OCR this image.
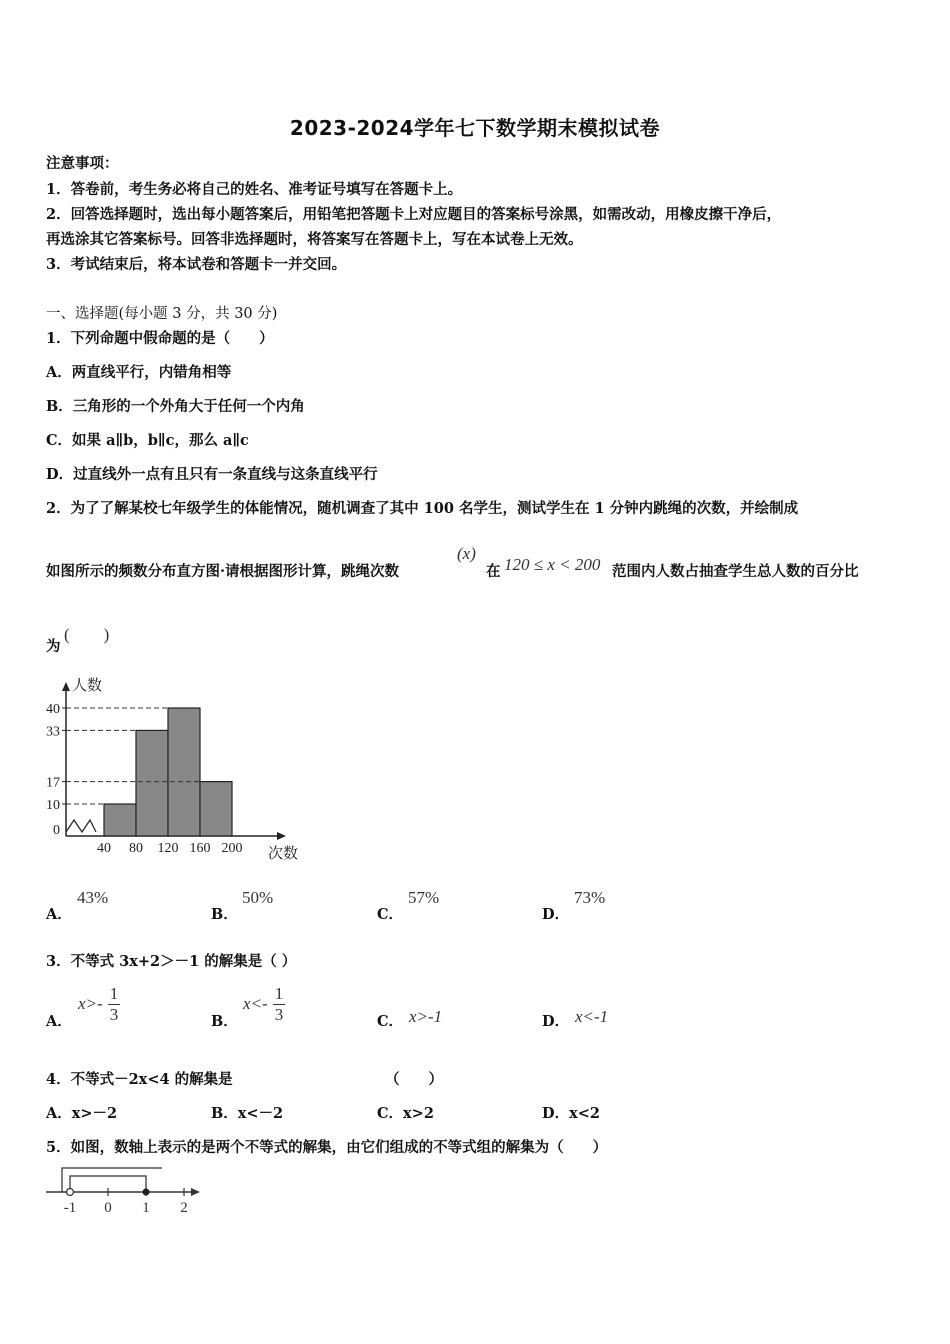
2023-2024学年七下数学期末模拟试卷
注意事项：
1．答卷前，考生务必将自己的姓名、准考证号填写在答题卡上。
2．回答选择题时，选出每小题答案后，用铅笔把答题卡上对应题目的答案标号涂黑，如需改动，用橡皮擦干净后，
再选涂其它答案标号。回答非选择题时，将答案写在答题卡上，写在本试卷上无效。
3．考试结束后，将本试卷和答题卡一并交回。
一、选择题(每小题 3 分，共 30 分)
1．下列命题中假命题的是（　　）
A．两直线平行，内错角相等
B．三角形的一个外角大于任何一个内角
C．如果 a∥b，b∥c，那么 a∥c
D．过直线外一点有且只有一条直线与这条直线平行
2．为了了解某校七年级学生的体能情况，随机调查了其中 100 名学生，测试学生在 1 分钟内跳绳的次数，并绘制成
如图所示的频数分布直方图·请根据图形计算，跳绳次数
(x)
在 120 ≤ x < 200 范围内人数占抽查学生总人数的百分比
为
(　　)
0
10
17
33
40
40 80 120 160 200
人数
次数
A．
43%
B．
50%
C．
57%
D．
73%
3．不等式 3x+2＞－1 的解集是（ ）
A．
$x>- \frac{1}{3}$	B．
$x<- \frac{1}{3}$	C． x>-1	D． x<-1
4．不等式－2x<4 的解集是	（　　）
A．x>－2	B．x<－2	C．x>2	D．x<2
5．如图，数轴上表示的是两个不等式的解集，由它们组成的不等式组的解集为（　　）
-1 0 1 2
